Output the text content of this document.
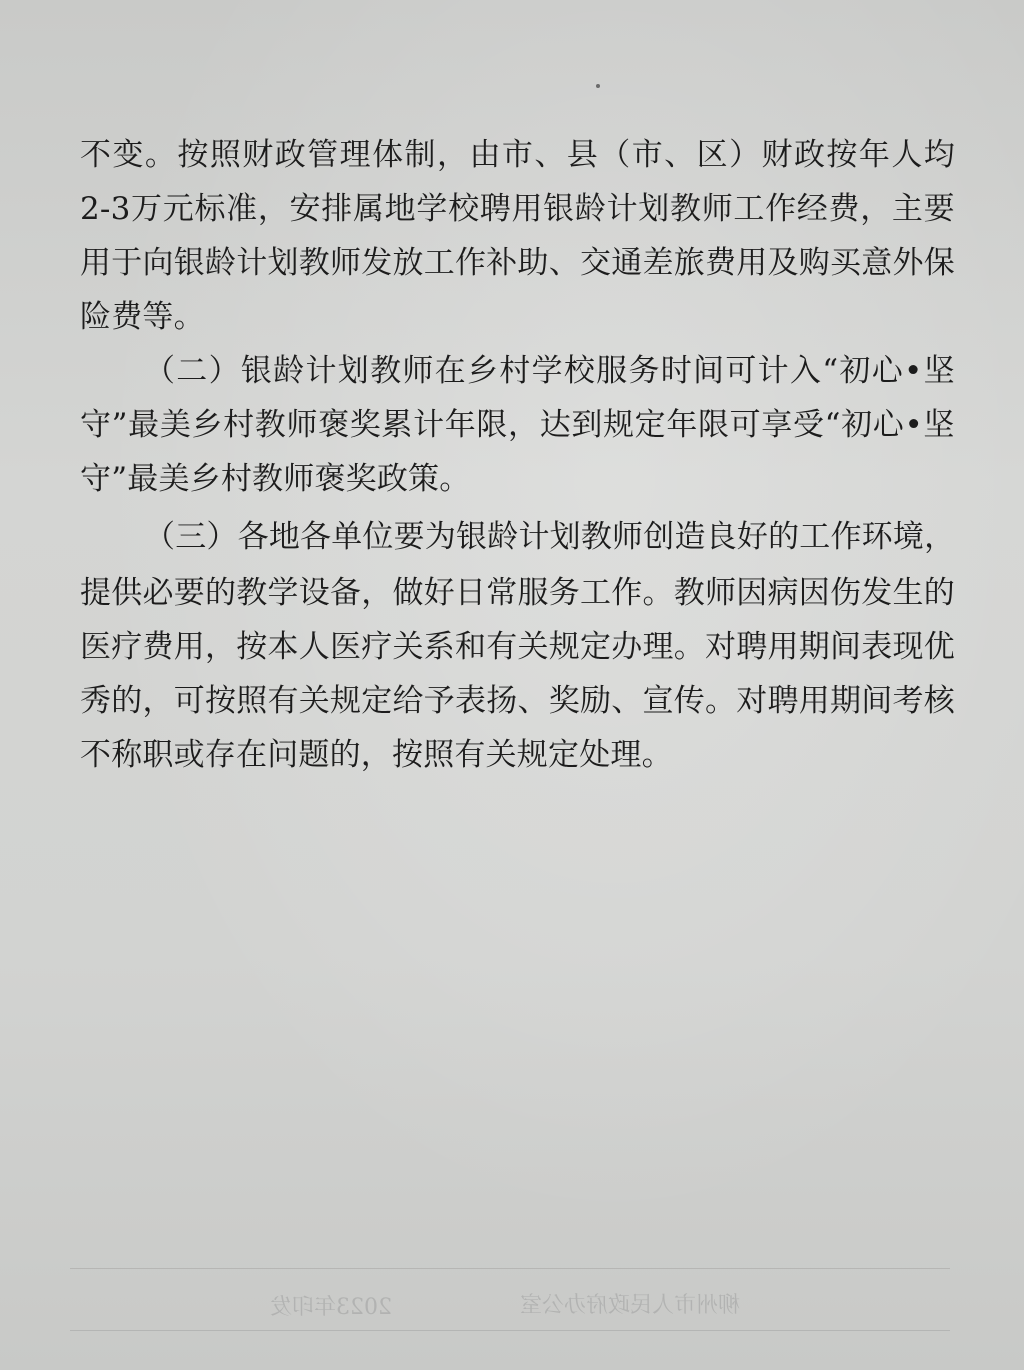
不 变 。 按 照 财 政 管 理 体 制 ， 由 市 、 县 （ 市 、 区 ） 财 政 按 年 人 均
2-3 万 元 标 准 ， 安 排 属 地 学 校 聘 用 银 龄 计 划 教 师 工 作 经 费 ， 主 要
用 于 向 银 龄 计 划 教 师 发 放 工 作 补 助 、 交 通 差 旅 费 用 及 购 买 意 外 保
险费等。
（ 二 ） 银 龄 计 划 教 师 在 乡 村 学 校 服 务 时 间 可 计 入 “ 初 心 • 坚
守 ” 最 美 乡 村 教 师 褒 奖 累 计 年 限 ， 达 到 规 定 年 限 可 享 受 “ 初 心 • 坚
守”最美乡村教师褒奖政策。
（ 三 ） 各 地 各 单 位 要 为 银 龄 计 划 教 师 创 造 良 好 的 工 作 环 境 ，
提 供 必 要 的 教 学 设 备 ， 做 好 日 常 服 务 工 作 。 教 师 因 病 因 伤 发 生 的
医 疗 费 用 ， 按 本 人 医 疗 关 系 和 有 关 规 定 办 理 。 对 聘 用 期 间 表 现 优
秀 的 ， 可 按 照 有 关 规 定 给 予 表 扬 、 奖 励 、 宣 传 。 对 聘 用 期 间 考 核
不称职或存在问题的，按照有关规定处理。
柳州市人民政府办公室
2023年印发
